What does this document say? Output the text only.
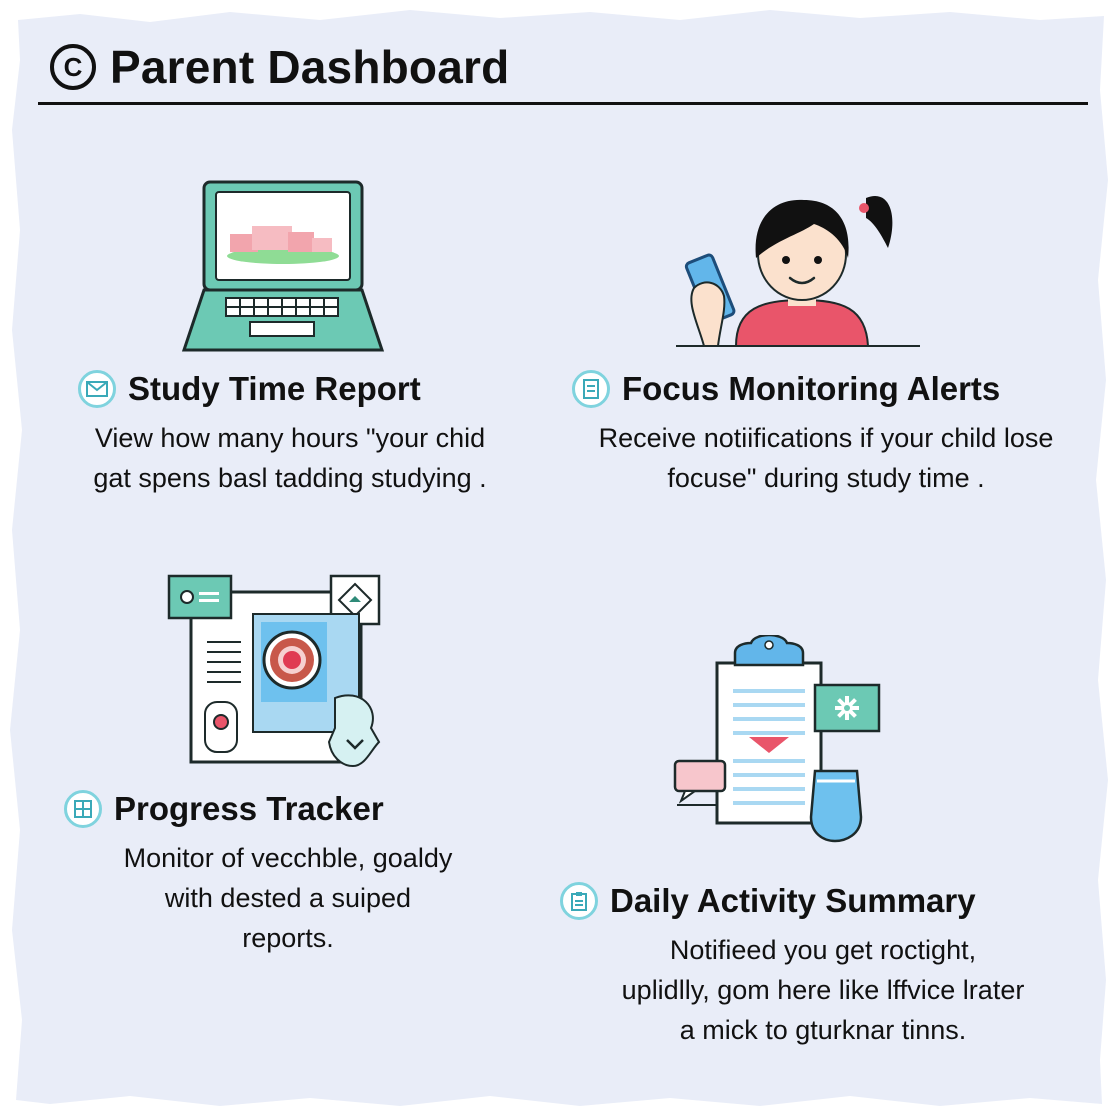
C Parent Dashboard
Study Time Report
View how many hours "your chid
gat spens basl tadding studying .
Focus Monitoring Alerts
Receive notiifications if your child lose
focuse" during study time .
Progress Tracker
Monitor of vecchble, goaldy
with dested a suiped
reports.
Daily Activity Summary
Notifieed you get roctight,
uplidlly, gom here like lffvice lrater
a mick to gturknar tinns.
